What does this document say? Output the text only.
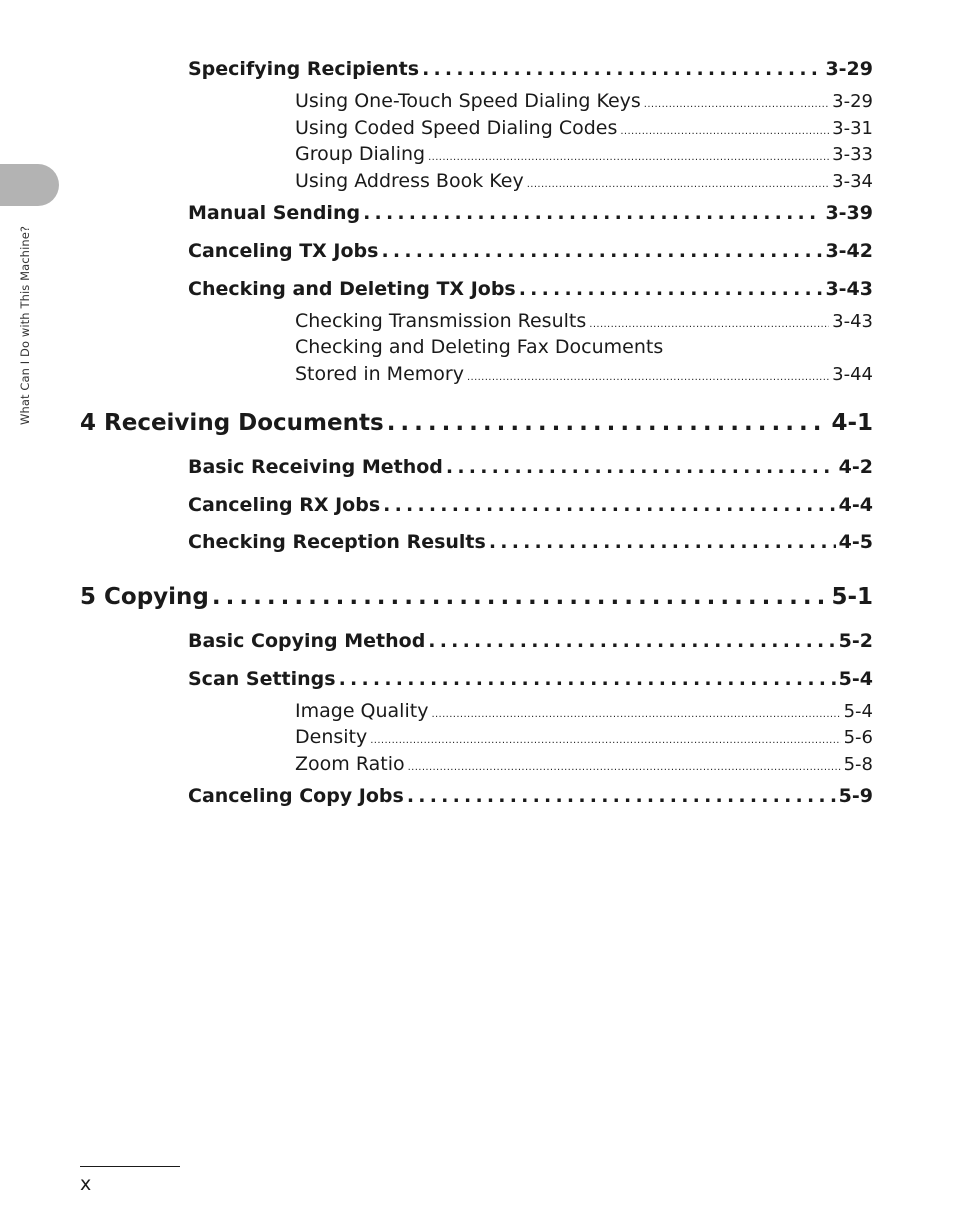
What Can I Do with This Machine?
Specifying Recipients . . .	3-29
Using One-Touch Speed Dialing Keys . . .	3-29
Using Coded Speed Dialing Codes . . .	3-31
Group Dialing . . .	3-33
Using Address Book Key . . .	3-34
Manual Sending . . .	3-39
Canceling TX Jobs . . .	3-42
Checking and Deleting TX Jobs . . .	3-43
Checking Transmission Results . . .	3-43
Checking and Deleting Fax Documents
Stored in Memory . . .	3-44
4 Receiving Documents . . .	4-1
Basic Receiving Method . . .	4-2
Canceling RX Jobs . . .	4-4
Checking Reception Results . . .	4-5
5 Copying . . .	5-1
Basic Copying Method . . .	5-2
Scan Settings . . .	5-4
Image Quality . . .	5-4
Density . . .	5-6
Zoom Ratio . . .	5-8
Canceling Copy Jobs . . .	5-9
x
